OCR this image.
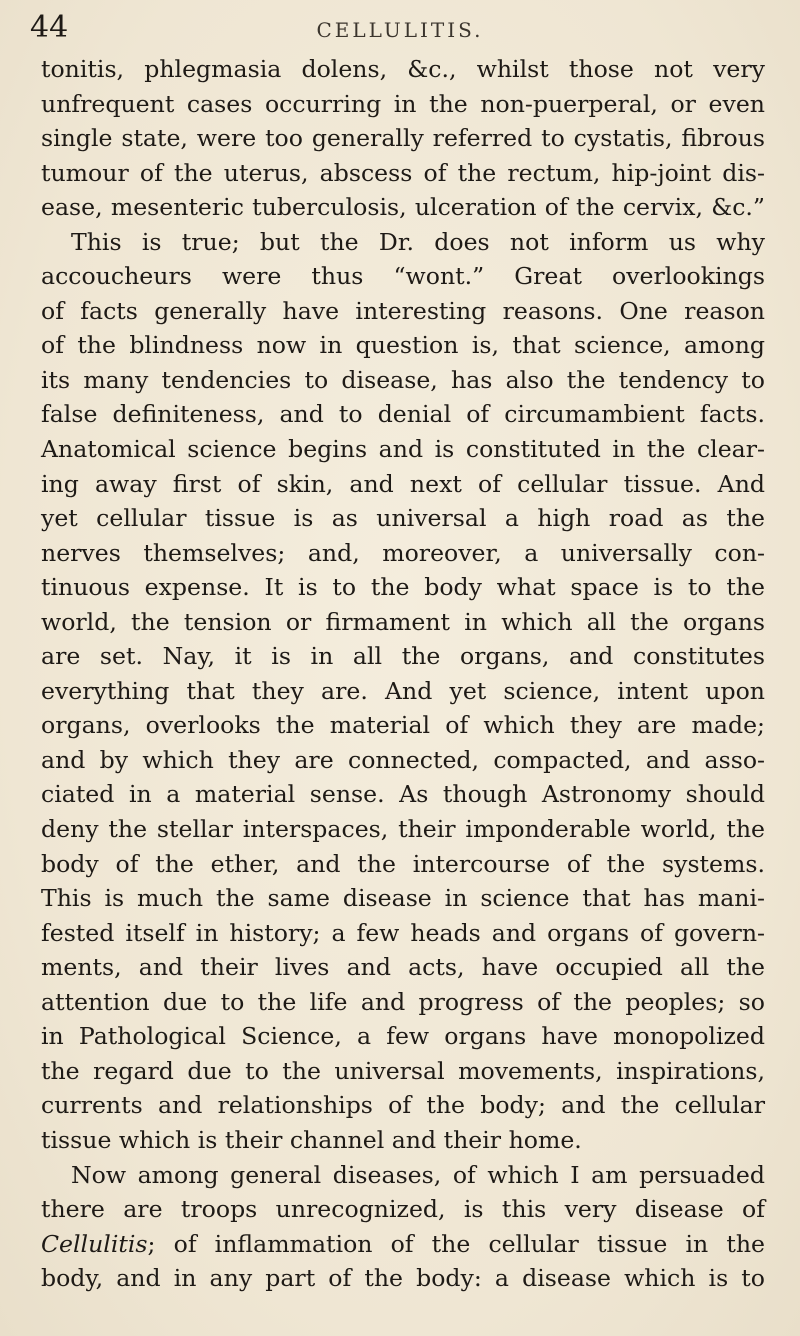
44	CELLULITIS.
tonitis, phlegmasia dolens, &c., whilst those not very
unfrequent cases occurring in the non-puerperal, or even
single state, were too generally referred to cystatis, fibrous
tumour of the uterus, abscess of the rectum, hip-joint dis-
ease, mesenteric tuberculosis, ulceration of the cervix, &c.”
This is true; but the Dr. does not inform us why
accoucheurs were thus “wont.” Great overlookings
of facts generally have interesting reasons. One reason
of the blindness now in question is, that science, among
its many tendencies to disease, has also the tendency to
false definiteness, and to denial of circumambient facts.
Anatomical science begins and is constituted in the clear-
ing away first of skin, and next of cellular tissue. And
yet cellular tissue is as universal a high road as the
nerves themselves; and, moreover, a universally con-
tinuous expense. It is to the body what space is to the
world, the tension or firmament in which all the organs
are set. Nay, it is in all the organs, and constitutes
everything that they are. And yet science, intent upon
organs, overlooks the material of which they are made;
and by which they are connected, compacted, and asso-
ciated in a material sense. As though Astronomy should
deny the stellar interspaces, their imponderable world, the
body of the ether, and the intercourse of the systems.
This is much the same disease in science that has mani-
fested itself in history; a few heads and organs of govern-
ments, and their lives and acts, have occupied all the
attention due to the life and progress of the peoples; so
in Pathological Science, a few organs have monopolized
the regard due to the universal movements, inspirations,
currents and relationships of the body; and the cellular
tissue which is their channel and their home.
Now among general diseases, of which I am persuaded
there are troops unrecognized, is this very disease of
Cellulitis; of inflammation of the cellular tissue in the
body, and in any part of the body: a disease which is to
